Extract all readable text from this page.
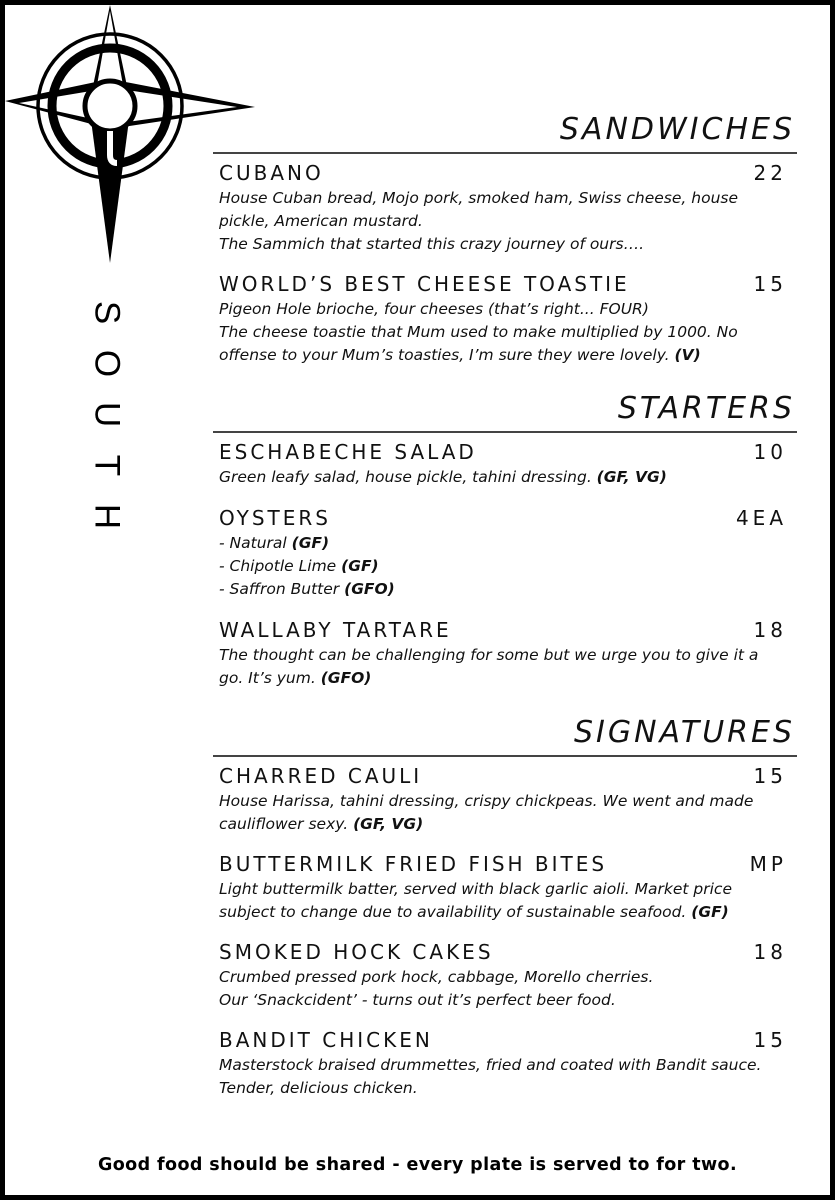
S
O
U
T
H
SANDWICHES
CUBANO	22
House Cuban bread, Mojo pork, smoked ham, Swiss cheese, house
pickle, American mustard.
The Sammich that started this crazy journey of ours….
WORLD’S BEST CHEESE TOASTIE	15
Pigeon Hole brioche, four cheeses (that’s right... FOUR)
The cheese toastie that Mum used to make multiplied by 1000. No
offense to your Mum’s toasties, I’m sure they were lovely. (V)
STARTERS
ESCHABECHE SALAD	10
Green leafy salad, house pickle, tahini dressing. (GF, VG)
OYSTERS	4EA
- Natural (GF)
- Chipotle Lime (GF)
- Saffron Butter (GFO)
WALLABY TARTARE	18
The thought can be challenging for some but we urge you to give it a
go. It’s yum. (GFO)
SIGNATURES
CHARRED CAULI	15
House Harissa, tahini dressing, crispy chickpeas. We went and made
cauliflower sexy. (GF, VG)
BUTTERMILK FRIED FISH BITES	MP
Light buttermilk batter, served with black garlic aioli. Market price
subject to change due to availability of sustainable seafood. (GF)
SMOKED HOCK CAKES	18
Crumbed pressed pork hock, cabbage, Morello cherries.
Our ‘Snackcident’ - turns out it’s perfect beer food.
BANDIT CHICKEN	15
Masterstock braised drummettes, fried and coated with Bandit sauce.
Tender, delicious chicken.
Good food should be shared - every plate is served to for two.
